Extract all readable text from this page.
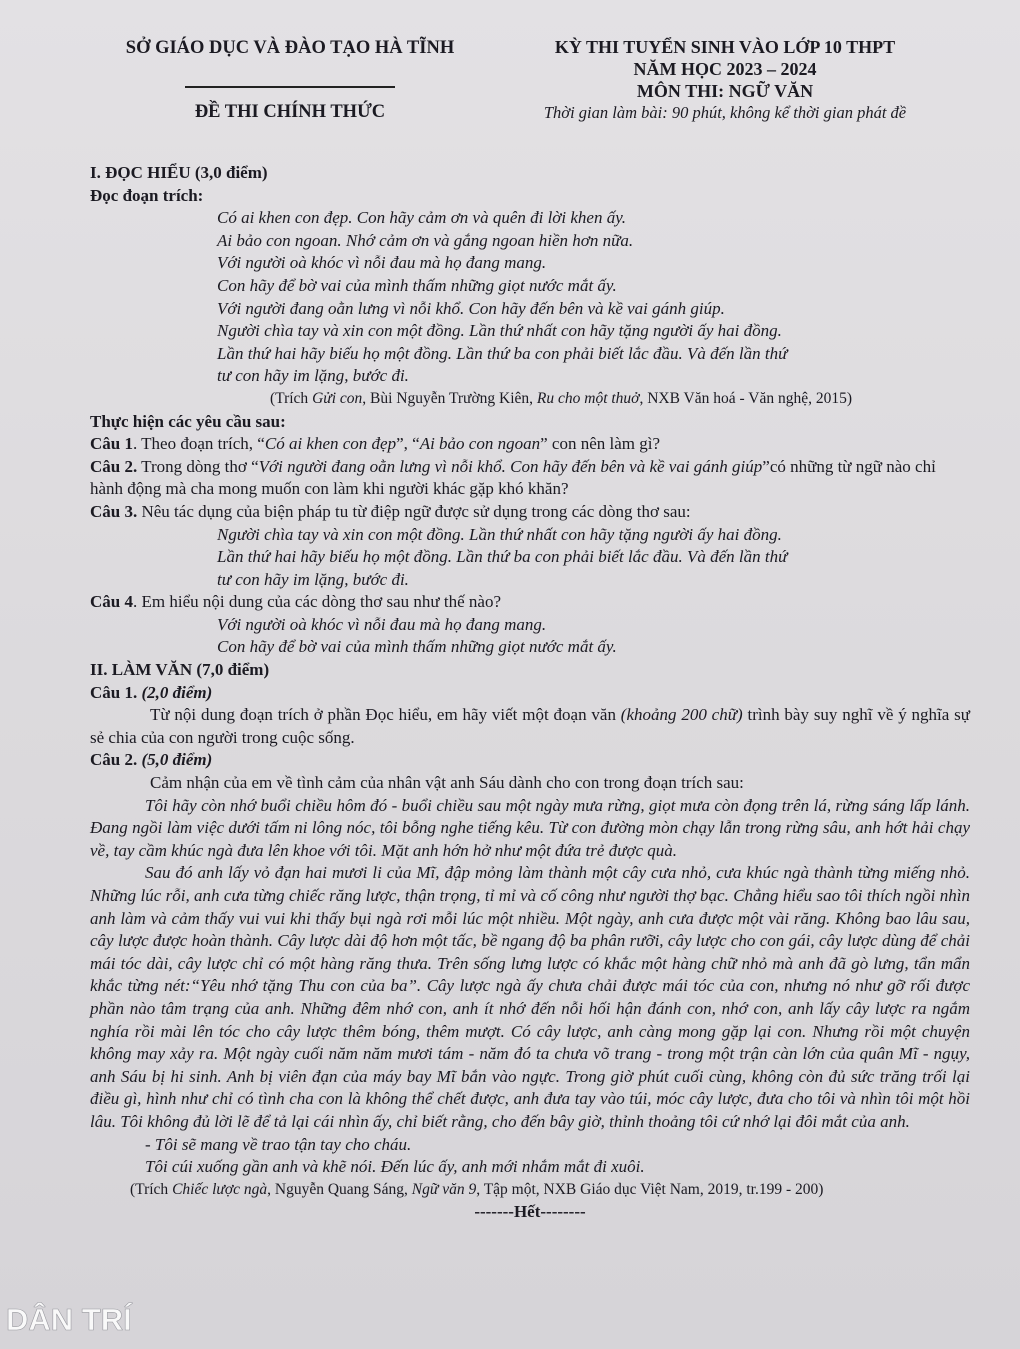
SỞ GIÁO DỤC VÀ ĐÀO TẠO HÀ TĨNH
ĐỀ THI CHÍNH THỨC
KỲ THI TUYỂN SINH VÀO LỚP 10 THPT
NĂM HỌC 2023 – 2024
MÔN THI: NGỮ VĂN
Thời gian làm bài: 90 phút, không kể thời gian phát đề

I. ĐỌC HIỂU (3,0 điểm)

Đọc đoạn trích:

Có ai khen con đẹp. Con hãy cảm ơn và quên đi lời khen ấy.

Ai bảo con ngoan. Nhớ cảm ơn và gắng ngoan hiền hơn nữa.

Với người oà khóc vì nỗi đau mà họ đang mang.

Con hãy để bờ vai của mình thấm những giọt nước mắt ấy.

Với người đang oằn lưng vì nỗi khổ. Con hãy đến bên và kề vai gánh giúp.

Người chìa tay và xin con một đồng. Lần thứ nhất con hãy tặng người ấy hai đồng.

Lần thứ hai hãy biếu họ một đồng. Lần thứ ba con phải biết lắc đầu. Và đến lần thứ

tư con hãy im lặng, bước đi.

(Trích Gửi con, Bùi Nguyễn Trường Kiên, Ru cho một thuở, NXB Văn hoá - Văn nghệ, 2015)

Thực hiện các yêu cầu sau:

Câu 1. Theo đoạn trích, “Có ai khen con đẹp”, “Ai bảo con ngoan” con nên làm gì?

Câu 2. Trong dòng thơ “Với người đang oằn lưng vì nỗi khổ. Con hãy đến bên và kề vai gánh giúp”có những từ ngữ nào chỉ hành động mà cha mong muốn con làm khi người khác gặp khó khăn?

Câu 3. Nêu tác dụng của biện pháp tu từ điệp ngữ được sử dụng trong các dòng thơ sau:

Người chìa tay và xin con một đồng. Lần thứ nhất con hãy tặng người ấy hai đồng.

Lần thứ hai hãy biếu họ một đồng. Lần thứ ba con phải biết lắc đầu. Và đến lần thứ

tư con hãy im lặng, bước đi.

Câu 4. Em hiểu nội dung của các dòng thơ sau như thế nào?

Với người oà khóc vì nỗi đau mà họ đang mang.

Con hãy để bờ vai của mình thấm những giọt nước mắt ấy.

II. LÀM VĂN (7,0 điểm)

Câu 1. (2,0 điểm)

Từ nội dung đoạn trích ở phần Đọc hiểu, em hãy viết một đoạn văn (khoảng 200 chữ) trình bày suy nghĩ về ý nghĩa sự sẻ chia của con người trong cuộc sống.

Câu 2. (5,0 điểm)

Cảm nhận của em về tình cảm của nhân vật anh Sáu dành cho con trong đoạn trích sau:

Tôi hãy còn nhớ buổi chiều hôm đó - buổi chiều sau một ngày mưa rừng, giọt mưa còn đọng trên lá, rừng sáng lấp lánh. Đang ngồi làm việc dưới tấm ni lông nóc, tôi bỗng nghe tiếng kêu. Từ con đường mòn chạy lẫn trong rừng sâu, anh hớt hải chạy về, tay cầm khúc ngà đưa lên khoe với tôi. Mặt anh hớn hở như một đứa trẻ được quà.

Sau đó anh lấy vỏ đạn hai mươi li của Mĩ, đập mỏng làm thành một cây cưa nhỏ, cưa khúc ngà thành từng miếng nhỏ. Những lúc rỗi, anh cưa từng chiếc răng lược, thận trọng, tỉ mỉ và cố công như người thợ bạc. Chẳng hiểu sao tôi thích ngồi nhìn anh làm và cảm thấy vui vui khi thấy bụi ngà rơi mỗi lúc một nhiều. Một ngày, anh cưa được một vài răng. Không bao lâu sau, cây lược được hoàn thành. Cây lược dài độ hơn một tấc, bề ngang độ ba phân rưỡi, cây lược cho con gái, cây lược dùng để chải mái tóc dài, cây lược chỉ có một hàng răng thưa. Trên sống lưng lược có khắc một hàng chữ nhỏ mà anh đã gò lưng, tẩn mẩn khắc từng nét:“Yêu nhớ tặng Thu con của ba”. Cây lược ngà ấy chưa chải được mái tóc của con, nhưng nó như gỡ rối được phần nào tâm trạng của anh. Những đêm nhớ con, anh ít nhớ đến nỗi hối hận đánh con, nhớ con, anh lấy cây lược ra ngắm nghía rồi mài lên tóc cho cây lược thêm bóng, thêm mượt. Có cây lược, anh càng mong gặp lại con. Nhưng rồi một chuyện không may xảy ra. Một ngày cuối năm năm mươi tám - năm đó ta chưa võ trang - trong một trận càn lớn của quân Mĩ - ngụy, anh Sáu bị hi sinh. Anh bị viên đạn của máy bay Mĩ bắn vào ngực. Trong giờ phút cuối cùng, không còn đủ sức trăng trối lại điều gì, hình như chỉ có tình cha con là không thể chết được, anh đưa tay vào túi, móc cây lược, đưa cho tôi và nhìn tôi một hồi lâu. Tôi không đủ lời lẽ để tả lại cái nhìn ấy, chỉ biết rằng, cho đến bây giờ, thỉnh thoảng tôi cứ nhớ lại đôi mắt của anh.

- Tôi sẽ mang về trao tận tay cho cháu.

Tôi cúi xuống gần anh và khẽ nói. Đến lúc ấy, anh mới nhắm mắt đi xuôi.

(Trích Chiếc lược ngà, Nguyễn Quang Sáng, Ngữ văn 9, Tập một, NXB Giáo dục Việt Nam, 2019, tr.199 - 200)

-------Hết--------

DÂN TRÍ
